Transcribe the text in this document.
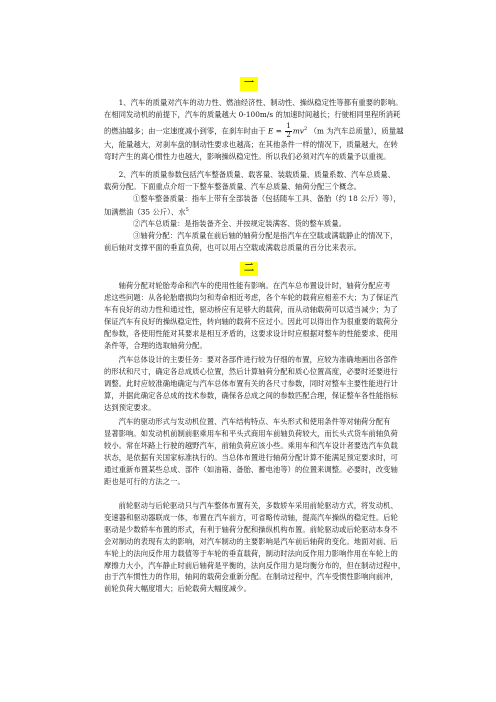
一

1、汽车的质量对汽车的动力性、燃油经济性、制动性、操纵稳定性等都有重要的影响。

在相同发动机的前提下，汽车的质量越大 0-100m/s 的加速时间越长；行驶相同里程所消耗

的燃油越多；由一定速度减小到零，在刹车时由于 $E = \frac{1}{2} mv^2$ （m 为汽车总质量），质量越

大，能量越大，对刹车盘的制动性要求也越高；在其他条件一样的情况下，质量越大，在转

弯时产生的离心惯性力也越大，影响操纵稳定性。所以我们必须对汽车的质量予以重视。

2、汽车的质量参数包括汽车整备质量、载客量、装载质量、质量系数、汽车总质量、

载荷分配。下面重点介绍一下整车整备质量、汽车总质量、轴荷分配三个概念。

①整车整备质量：指车上带有全部装备（包括随车工具、备胎（约 18 公斤）等），

加满燃油（35 公斤）、水$^5$

②汽车总质量：是指装备齐全、并按规定装满客、货的整车质量。

③轴荷分配：汽车质量在前后轴的轴荷分配是指汽车在空载或满载静止的情况下，

前后轴对支撑平面的垂直负荷，也可以用占空载或满载总质量的百分比来表示。

二

轴荷分配对轮胎寿命和汽车的使用性能有影响。在汽车总布置设计时，轴荷分配应考

虑这些问题：从各轮胎磨损均匀和寿命相近考虑，各个车轮的载荷应相差不大；为了保证汽

车有良好的动力性和通过性，驱动桥应有足够大的载荷，而从动轴载荷可以适当减少；为了

保证汽车有良好的操纵稳定性，转向轴的载荷不应过小。因此可以得出作为很重要的载荷分

配参数，各使用性能对其要求是相互矛盾的，这要求设计时应根据对整车的性能要求、使用

条件等，合理的选取轴荷分配。

汽车总体设计的主要任务：要对各部件进行较为仔细的布置，应较为准确地画出各部件

的形状和尺寸，确定各总成质心位置，然后计算轴荷分配和质心位置高度，必要时还要进行

调整。此时应较准确地确定与汽车总体布置有关的各尺寸参数，同时对整车主要性能进行计

算，并据此确定各总成的技术参数，确保各总成之间的参数匹配合理，保证整车各性能指标

达到预定要求。

汽车的驱动形式与发动机位置、汽车结构特点、车头形式和使用条件等对轴荷分配有

显著影响。如发动机前制前驱乘用车和平头式商用车前轴负荷较大，而长头式货车前轴负荷

较小。常在坏路上行驶的越野汽车，前轴负荷应该小些。乘用车和汽车设计者要选汽车负载

状态，是依据有关国家标准执行的。当总体布置进行轴荷分配计算不能满足预定要求时，可

通过重新布置某些总成、部件（如油箱、备胎、蓄电池等）的位置来调整。必要时，改变轴

距也是可行的方法之一。

前轮驱动与后轮驱动只与汽车整体布置有关，多数轿车采用前轮驱动方式，将发动机、

变速器和驱动器联成一体，布置在汽车前方，可省略传动轴，提高汽车操纵的稳定性。后轮

驱动是少数轿车布置的形式，有利于轴荷分配和操纵机构布置。前轮驱动或后轮驱动本身不

会对制动的表现有太的影响，对汽车制动的主要影响是汽车前后轴荷的变化。地面对前、后

车轮上的法向反作用力载值等于车轮的垂直载荷，制动时法向反作用力影响作用在车轮上的

摩擦力大小，汽车静止时前后轴荷是平衡的，法向反作用力是均衡分布的，但在制动过程中，

由于汽车惯性力的作用，轴间的载荷会重新分配。在制动过程中，汽车受惯性影响向前冲，

前轮负荷大幅度增大；后轮载荷大幅度减少。
